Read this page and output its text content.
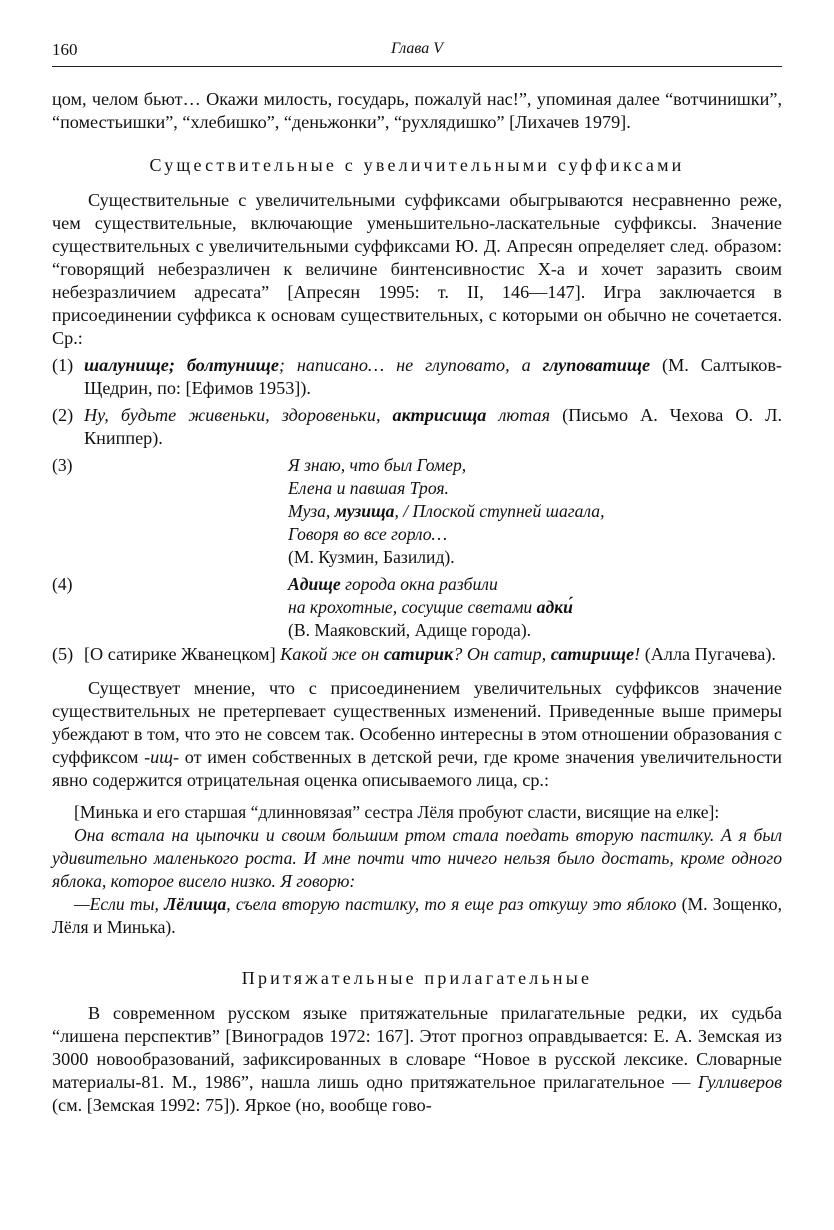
160	Глава V

цом, челом бьют… Окажи милость, государь, пожалуй нас!”, упоминая далее “вотчинишки”, “поместьишки”, “хлебишко”, “деньжонки”, “рухлядишко” [Лихачев 1979].

Существительные с увеличительными суффиксами

Существительные с увеличительными суффиксами обыгрываются несравненно реже, чем существительные, включающие уменьшительно-ласкательные суффиксы. Значение существительных с увеличительными суффиксами Ю. Д. Апресян определяет след. образом: “говорящий небезразличен к величине бинтенсивностис X-а и хочет заразить своим небезразличием адресата” [Апресян 1995: т. II, 146—147]. Игра заключается в присоединении суффикса к основам существительных, с которыми он обычно не сочетается. Ср.:

(1) шалунище; болтунище; написано… не глуповато, а глуповатище (М. Салтыков-Щедрин, по: [Ефимов 1953]).
(2) Ну, будьте живеньки, здоровеньки, актрисища лютая (Письмо А. Чехова О. Л. Книппер).
(3)	Я знаю, что был Гомер,
Елена и павшая Троя.
Муза, музища, / Плоской ступней шагала,
Говоря во все горло…
(М. Кузмин, Базилид).
(4)	Адище города окна разбили
на крохотные, сосущие светами адки́
(В. Маяковский, Адище города).
(5) [О сатирике Жванецком] Какой же он сатирик? Он сатир, сатирище! (Алла Пугачева).

Существует мнение, что с присоединением увеличительных суффиксов значение существительных не претерпевает существенных изменений. Приведенные выше примеры убеждают в том, что это не совсем так. Особенно интересны в этом отношении образования с суффиксом -ищ- от имен собственных в детской речи, где кроме значения увеличительности явно содержится отрицательная оценка описываемого лица, ср.:

[Минька и его старшая “длинновязая” сестра Лёля пробуют сласти, висящие на елке]:
Она встала на цыпочки и своим большим ртом стала поедать вторую пастилку. А я был удивительно маленького роста. И мне почти что ничего нельзя было достать, кроме одного яблока, которое висело низко. Я говорю:
—Если ты, Лёлища, съела вторую пастилку, то я еще раз откушу это яблоко (М. Зощенко, Лёля и Минька).
Притяжательные прилагательные

В современном русском языке притяжательные прилагательные редки, их судьба “лишена перспектив” [Виноградов 1972: 167]. Этот прогноз оправдывается: Е. А. Земская из 3000 новообразований, зафиксированных в словаре “Новое в русской лексике. Словарные материалы-81. М., 1986”, нашла лишь одно притяжательное прилагательное — Гулливеров (см. [Земская 1992: 75]). Яркое (но, вообще гово-
